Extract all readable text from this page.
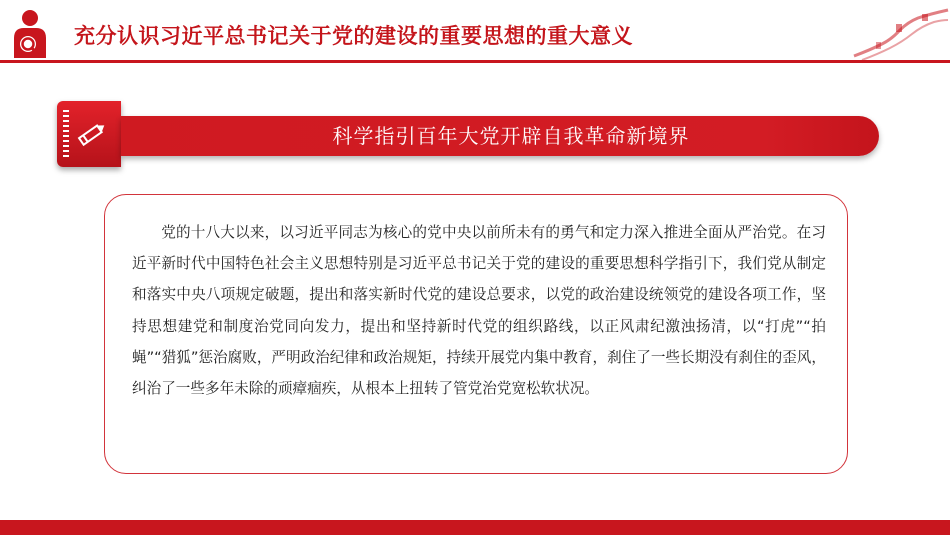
充分认识习近平总书记关于党的建设的重要思想的重大意义
科学指引百年大党开辟自我革命新境界

党的十八大以来，以习近平同志为核心的党中央以前所未有的勇气和定力深入推进全面从严治党。在习近平新时代中国特色社会主义思想特别是习近平总书记关于党的建设的重要思想科学指引下，我们党从制定和落实中央八项规定破题，提出和落实新时代党的建设总要求，以党的政治建设统领党的建设各项工作，坚持思想建党和制度治党同向发力，提出和坚持新时代党的组织路线，以正风肃纪激浊扬清，以“打虎”“拍蝇”“猎狐”惩治腐败，严明政治纪律和政治规矩，持续开展党内集中教育，刹住了一些长期没有刹住的歪风，纠治了一些多年未除的顽瘴痼疾，从根本上扭转了管党治党宽松软状况。
